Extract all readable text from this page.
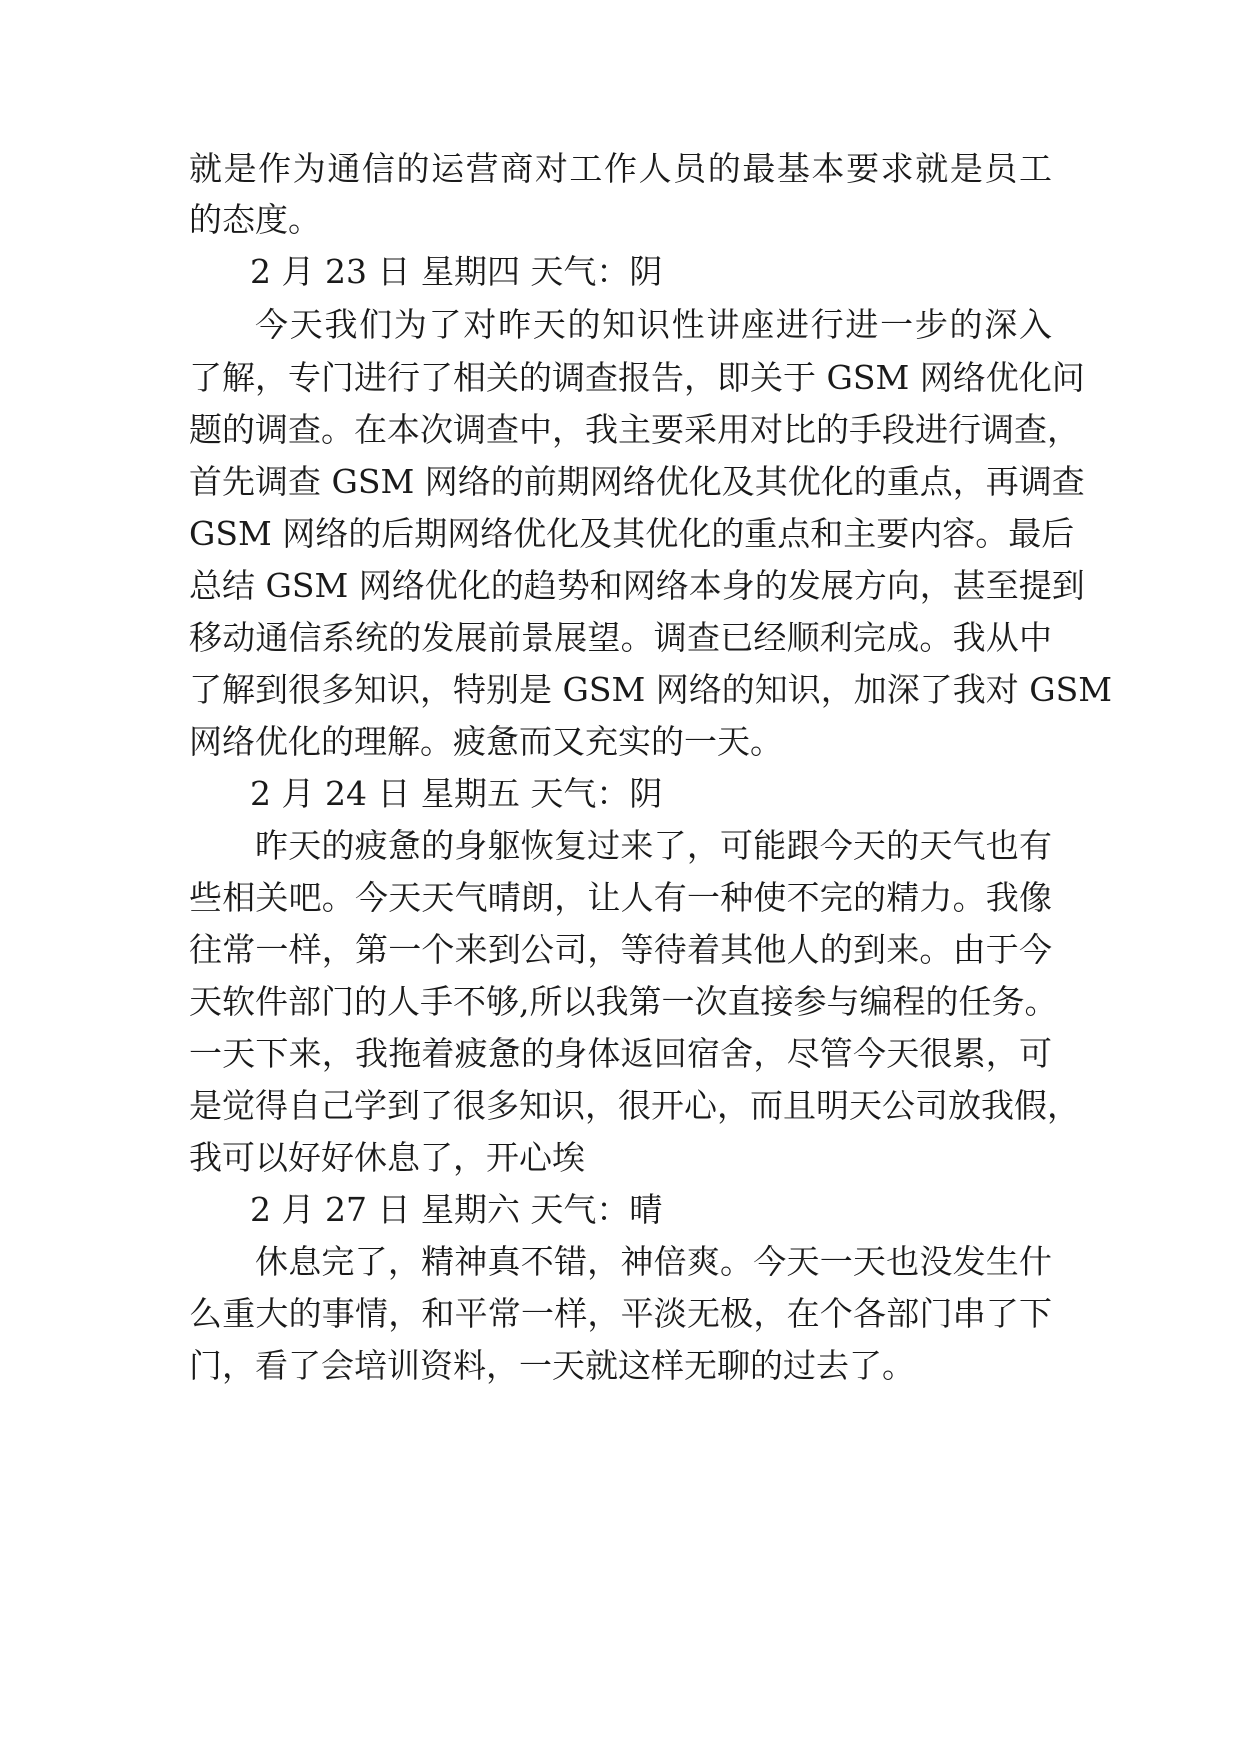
就是作为通信的运营商对工作人员的最基本要求就是员工
的态度。
2 月 23 日 星期四 天气：阴
今天我们为了对昨天的知识性讲座进行进一步的深入
了解，专门进行了相关的调查报告，即关于 GSM 网络优化问
题的调查。在本次调查中，我主要采用对比的手段进行调查，
首先调查 GSM 网络的前期网络优化及其优化的重点，再调查
GSM 网络的后期网络优化及其优化的重点和主要内容。最后
总结 GSM 网络优化的趋势和网络本身的发展方向，甚至提到
移动通信系统的发展前景展望。调查已经顺利完成。我从中
了解到很多知识，特别是 GSM 网络的知识，加深了我对 GSM
网络优化的理解。疲惫而又充实的一天。
2 月 24 日 星期五 天气：阴
昨天的疲惫的身躯恢复过来了，可能跟今天的天气也有
些相关吧。今天天气晴朗，让人有一种使不完的精力。我像
往常一样，第一个来到公司，等待着其他人的到来。由于今
天软件部门的人手不够,所以我第一次直接参与编程的任务。
一天下来，我拖着疲惫的身体返回宿舍，尽管今天很累，可
是觉得自己学到了很多知识，很开心，而且明天公司放我假，
我可以好好休息了，开心埃
2 月 27 日 星期六 天气：晴
休息完了，精神真不错，神倍爽。今天一天也没发生什
么重大的事情，和平常一样，平淡无极，在个各部门串了下
门，看了会培训资料，一天就这样无聊的过去了。
